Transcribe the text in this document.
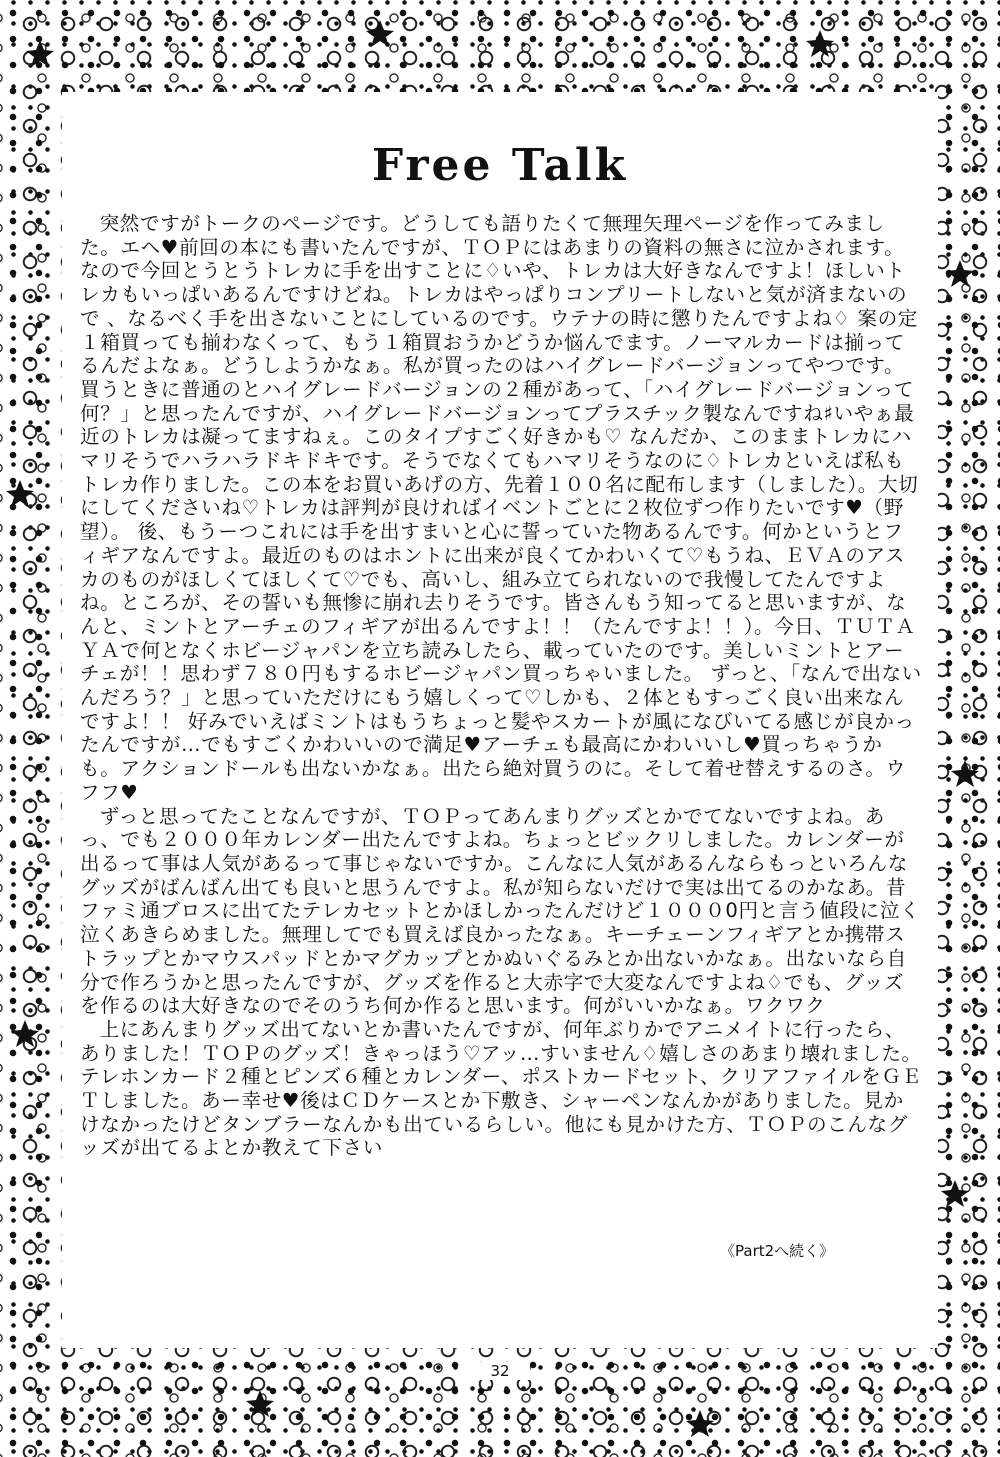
Free Talk

突然ですがトークのページです。どうしても語りたくて無理矢理ページを作ってみました。エヘ♥前回の本にも書いたんですが、ＴＯＰにはあまりの資料の無さに泣かされます。なので今回とうとうトレカに手を出すことに♢いや、トレカは大好きなんですよ！ほしいトレカもいっぱいあるんですけどね。トレカはやっぱりコンプリートしないと気が済まないので 、なるべく手を出さないことにしているのです。ウテナの時に懲りたんですよね♢ 案の定１箱買っても揃わなくって、もう１箱買おうかどうか悩んでます。ノーマルカードは揃ってるんだよなぁ。どうしようかなぁ。私が買ったのはハイグレードバージョンってやつです。買うときに普通のとハイグレードバージョンの２種があって、「ハイグレードバージョンって何？」と思ったんですが、ハイグレードバージョンってプラスチック製なんですね♯いやぁ最近のトレカは凝ってますねぇ。このタイプすごく好きかも♡ なんだか、このままトレカにハマリそうでハラハラドキドキです。そうでなくてもハマリそうなのに♢トレカといえば私もトレカ作りました。この本をお買いあげの方、先着１００名に配布します（しました）。大切にしてくださいね♡トレカは評判が良ければイベントごとに２枚位ずつ作りたいです♥（野望）。 後、もうーつこれには手を出すまいと心に誓っていた物あるんです。何かというとフィギアなんですよ。最近のものはホントに出来が良くてかわいくて♡もうね、ＥＶＡのアスカのものがほしくてほしくて♡でも、高いし、組み立てられないので我慢してたんですよね。ところが、その誓いも無惨に崩れ去りそうです。皆さんもう知ってると思いますが、なんと、ミントとアーチェのフィギアが出るんですよ！！（たんですよ！！）。今日、ＴＵＴＡＹＡで何となくホビージャパンを立ち読みしたら、載っていたのです。美しいミントとアーチェが！！思わず７８０円もするホビージャパン買っちゃいました。 ずっと、「なんで出ないんだろう？」と思っていただけにもう嬉しくって♡しかも、２体ともすっごく良い出来なんですよ！！ 好みでいえばミントはもうちょっと髪やスカートが風になびいてる感じが良かったんですが…でもすごくかわいいので満足♥アーチェも最高にかわいいし♥買っちゃうかも。アクションドールも出ないかなぁ。出たら絶対買うのに。そして着せ替えするのさ。ウフフ♥

ずっと思ってたことなんですが、ＴＯＰってあんまりグッズとかでてないですよね。あっ、でも２０００年カレンダー出たんですよね。ちょっとビックリしました。カレンダーが出るって事は人気があるって事じゃないですか。こんなに人気があるんならもっといろんなグッズがばんばん出ても良いと思うんですよ。私が知らないだけで実は出てるのかなあ。昔ファミ通ブロスに出てたテレカセットとかほしかったんだけど１０００0円と言う値段に泣く泣くあきらめました。無理してでも買えば良かったなぁ。キーチェーンフィギアとか携帯ストラップとかマウスパッドとかマグカップとかぬいぐるみとか出ないかなぁ。出ないなら自分で作ろうかと思ったんですが、グッズを作ると大赤字で大変なんですよね♢でも、グッズを作るのは大好きなのでそのうち何か作ると思います。何がいいかなぁ。ワクワク

上にあんまりグッズ出てないとか書いたんですが、何年ぶりかでアニメイトに行ったら、ありました！ＴＯＰのグッズ！きゃっほう♡アッ…すいません♢嬉しさのあまり壊れました。テレホンカード２種とピンズ６種とカレンダー、ポストカードセット、クリアファイルをＧＥＴしました。あー幸せ♥後はＣＤケースとか下敷き、シャーペンなんかがありました。見かけなかったけどタンブラーなんかも出ているらしい。他にも見かけた方、ＴＯＰのこんなグッズが出てるよとか教えて下さい

《Part2へ続く》
32
